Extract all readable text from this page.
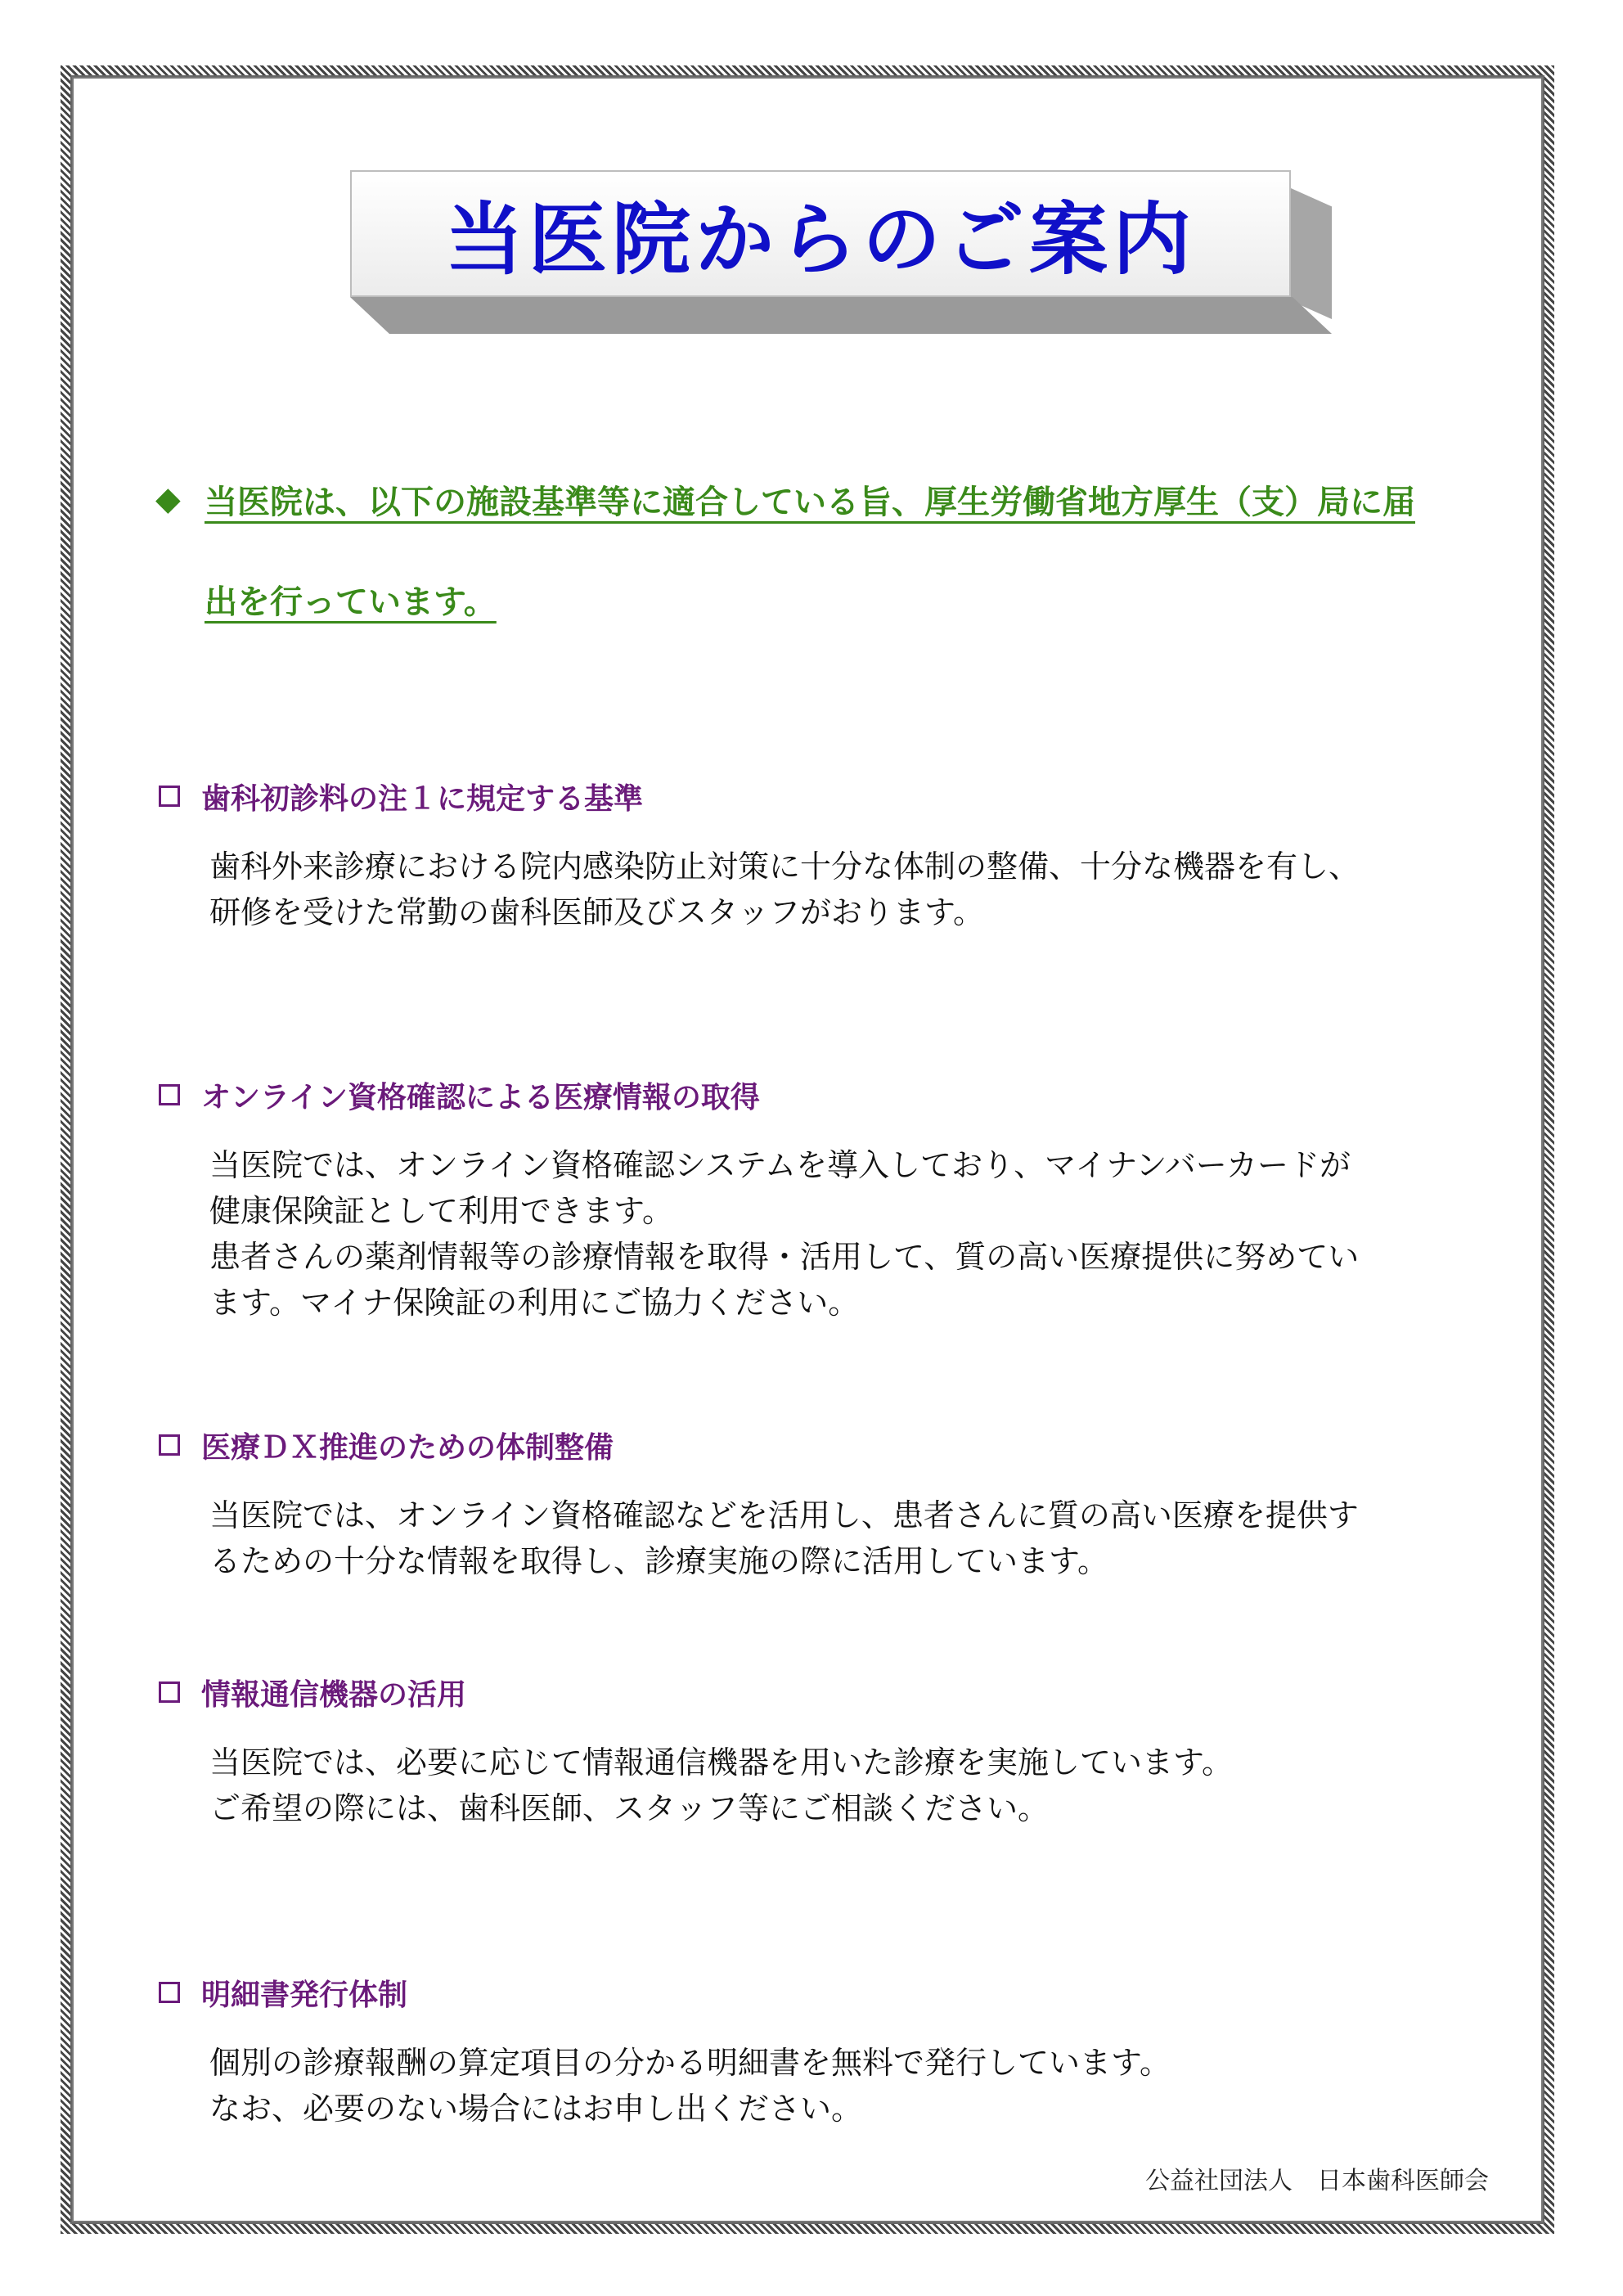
当医院からのご案内
◆ 当医院は、以下の施設基準等に適合している旨、厚生労働省地方厚生（支）局に届
出を行っています。
歯科初診料の注１に規定する基準

歯科外来診療における院内感染防止対策に十分な体制の整備、十分な機器を有し、

研修を受けた常勤の歯科医師及びスタッフがおります。

オンライン資格確認による医療情報の取得

当医院では、オンライン資格確認システムを導入しており、マイナンバーカードが

健康保険証として利用できます。

患者さんの薬剤情報等の診療情報を取得・活用して、質の高い医療提供に努めてい

ます。マイナ保険証の利用にご協力ください。

医療ＤＸ推進のための体制整備

当医院では、オンライン資格確認などを活用し、患者さんに質の高い医療を提供す

るための十分な情報を取得し、診療実施の際に活用しています。

情報通信機器の活用

当医院では、必要に応じて情報通信機器を用いた診療を実施しています。

ご希望の際には、歯科医師、スタッフ等にご相談ください。

明細書発行体制

個別の診療報酬の算定項目の分かる明細書を無料で発行しています。

なお、必要のない場合にはお申し出ください。

公益社団法人　日本歯科医師会
